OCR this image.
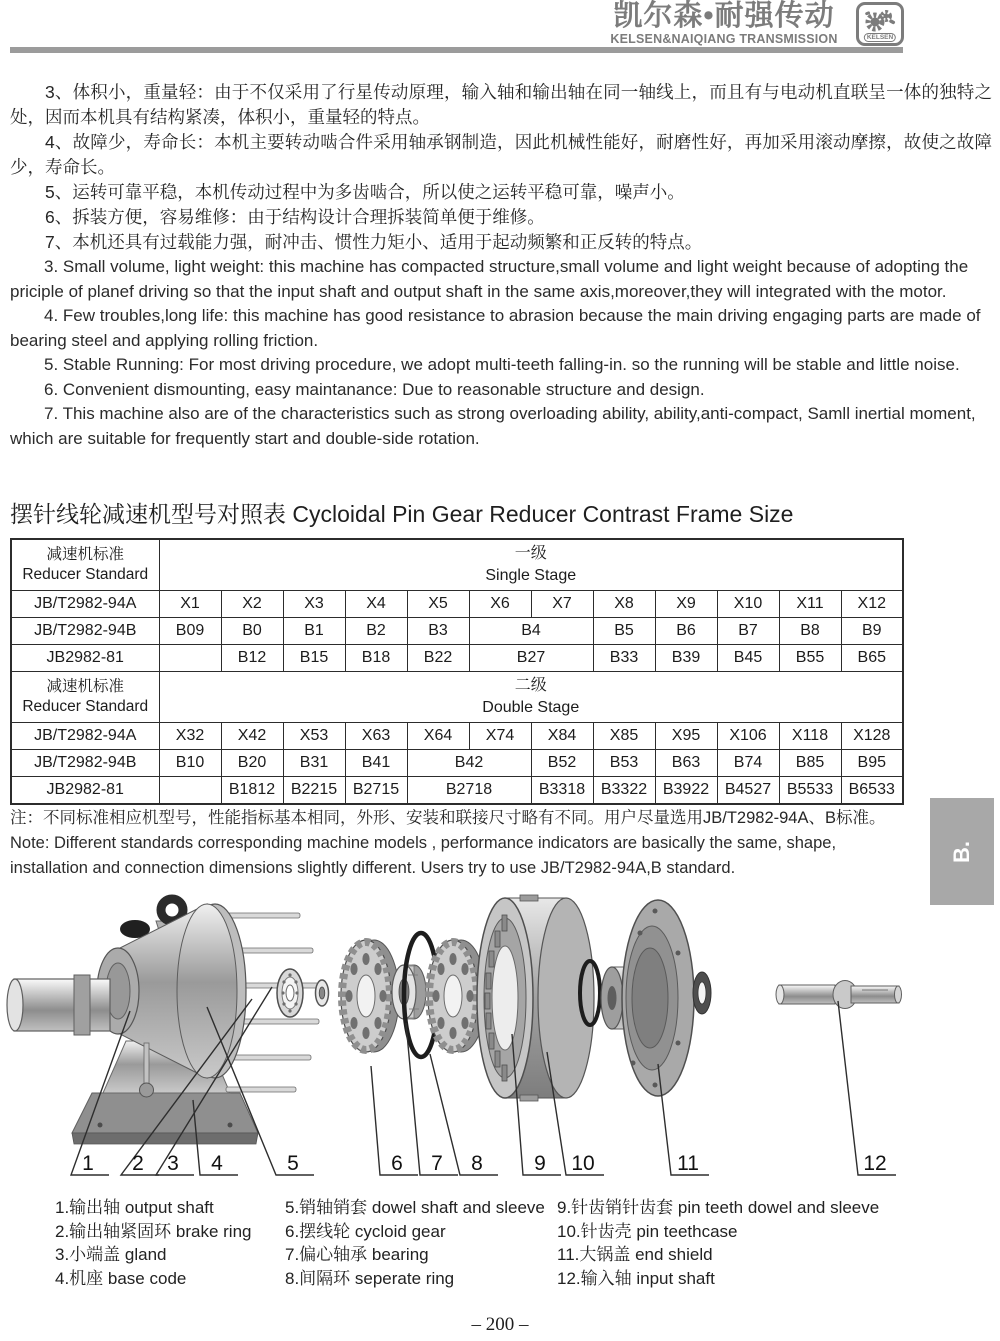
凯尔森•耐强传动
KELSEN&NAIQIANG TRANSMISSION	KELSEN

3、体积小，重量轻：由于不仅采用了行星传动原理，输入轴和输出轴在同一轴线上，而且有与电动机直联呈一体的独特之处，因而本机具有结构紧凑，体积小，重量轻的特点。

4、故障少，寿命长：本机主要转动啮合件采用轴承钢制造，因此机械性能好，耐磨性好，再加采用滚动摩擦，故使之故障少，寿命长。

5、运转可靠平稳，本机传动过程中为多齿啮合，所以使之运转平稳可靠，噪声小。

6、拆装方便，容易维修：由于结构设计合理拆装简单便于维修。

7、本机还具有过载能力强，耐冲击、惯性力矩小、适用于起动频繁和正反转的特点。

3. Small volume, light weight: this machine has compacted structure,small volume and light weight because of adopting the priciple of planef driving so that the input shaft and output shaft in the same axis,moreover,they will integrated with the motor.

4. Few troubles,long life: this machine has good resistance to abrasion because the main driving engaging parts are made of bearing steel and applying rolling friction.

5. Stable Running: For most driving procedure, we adopt multi-teeth falling-in. so the running will be stable and little noise.

6. Convenient dismounting, easy maintanance: Due to reasonable structure and design.

7. This machine also are of the characteristics such as strong overloading ability, ability,anti-compact, Samll inertial moment, which are suitable for frequently start and double-side rotation.

摆针线轮减速机型号对照表 Cycloidal Pin Gear Reducer Contrast Frame Size
减速机标准
Reducer Standard

一级
Single Stage

JB/T2982-94A	X1	X2	X3	X4	X5	X6	X7	X8	X9	X10	X11	X12
JB/T2982-94B	B09	B0	B1	B2	B3	B4		B5	B6	B7	B8	B9
JB2982-81		B12	B15	B18	B22	B27		B33	B39	B45	B55	B65

减速机标准
Reducer Standard

二级
Double Stage

JB/T2982-94A	X32	X42	X53	X63	X64	X74	X84	X85	X95	X106	X118	X128
JB/T2982-94B	B10	B20	B31	B41	B42		B52	B53	B63	B74	B85	B95
JB2982-81		B1812	B2215	B2715	B2718		B3318	B3322	B3922	B4527	B5533	B6533

注：不同标准相应机型号，性能指标基本相同，外形、安装和联接尺寸略有不同。用户尽量选用JB/T2982-94A、B标准。

Note: Different standards corresponding machine models , performance indicators are basically the same, shape, installation and connection dimensions slightly different. Users try to use JB/T2982-94A,B standard.

B.
1 2 3 4	5	6 7 8 9 10	11	12
1.输出轴 output shaft
2.输出轴紧固环 brake ring
3.小端盖 gland
4.机座 base code
5.销轴销套 dowel shaft and sleeve
6.摆线轮 cycloid gear
7.偏心轴承 bearing
8.间隔环 seperate ring
9.针齿销针齿套 pin teeth dowel and sleeve
10.针齿壳 pin teethcase
11.大锅盖 end shield
12.输入轴 input shaft
– 200 –
